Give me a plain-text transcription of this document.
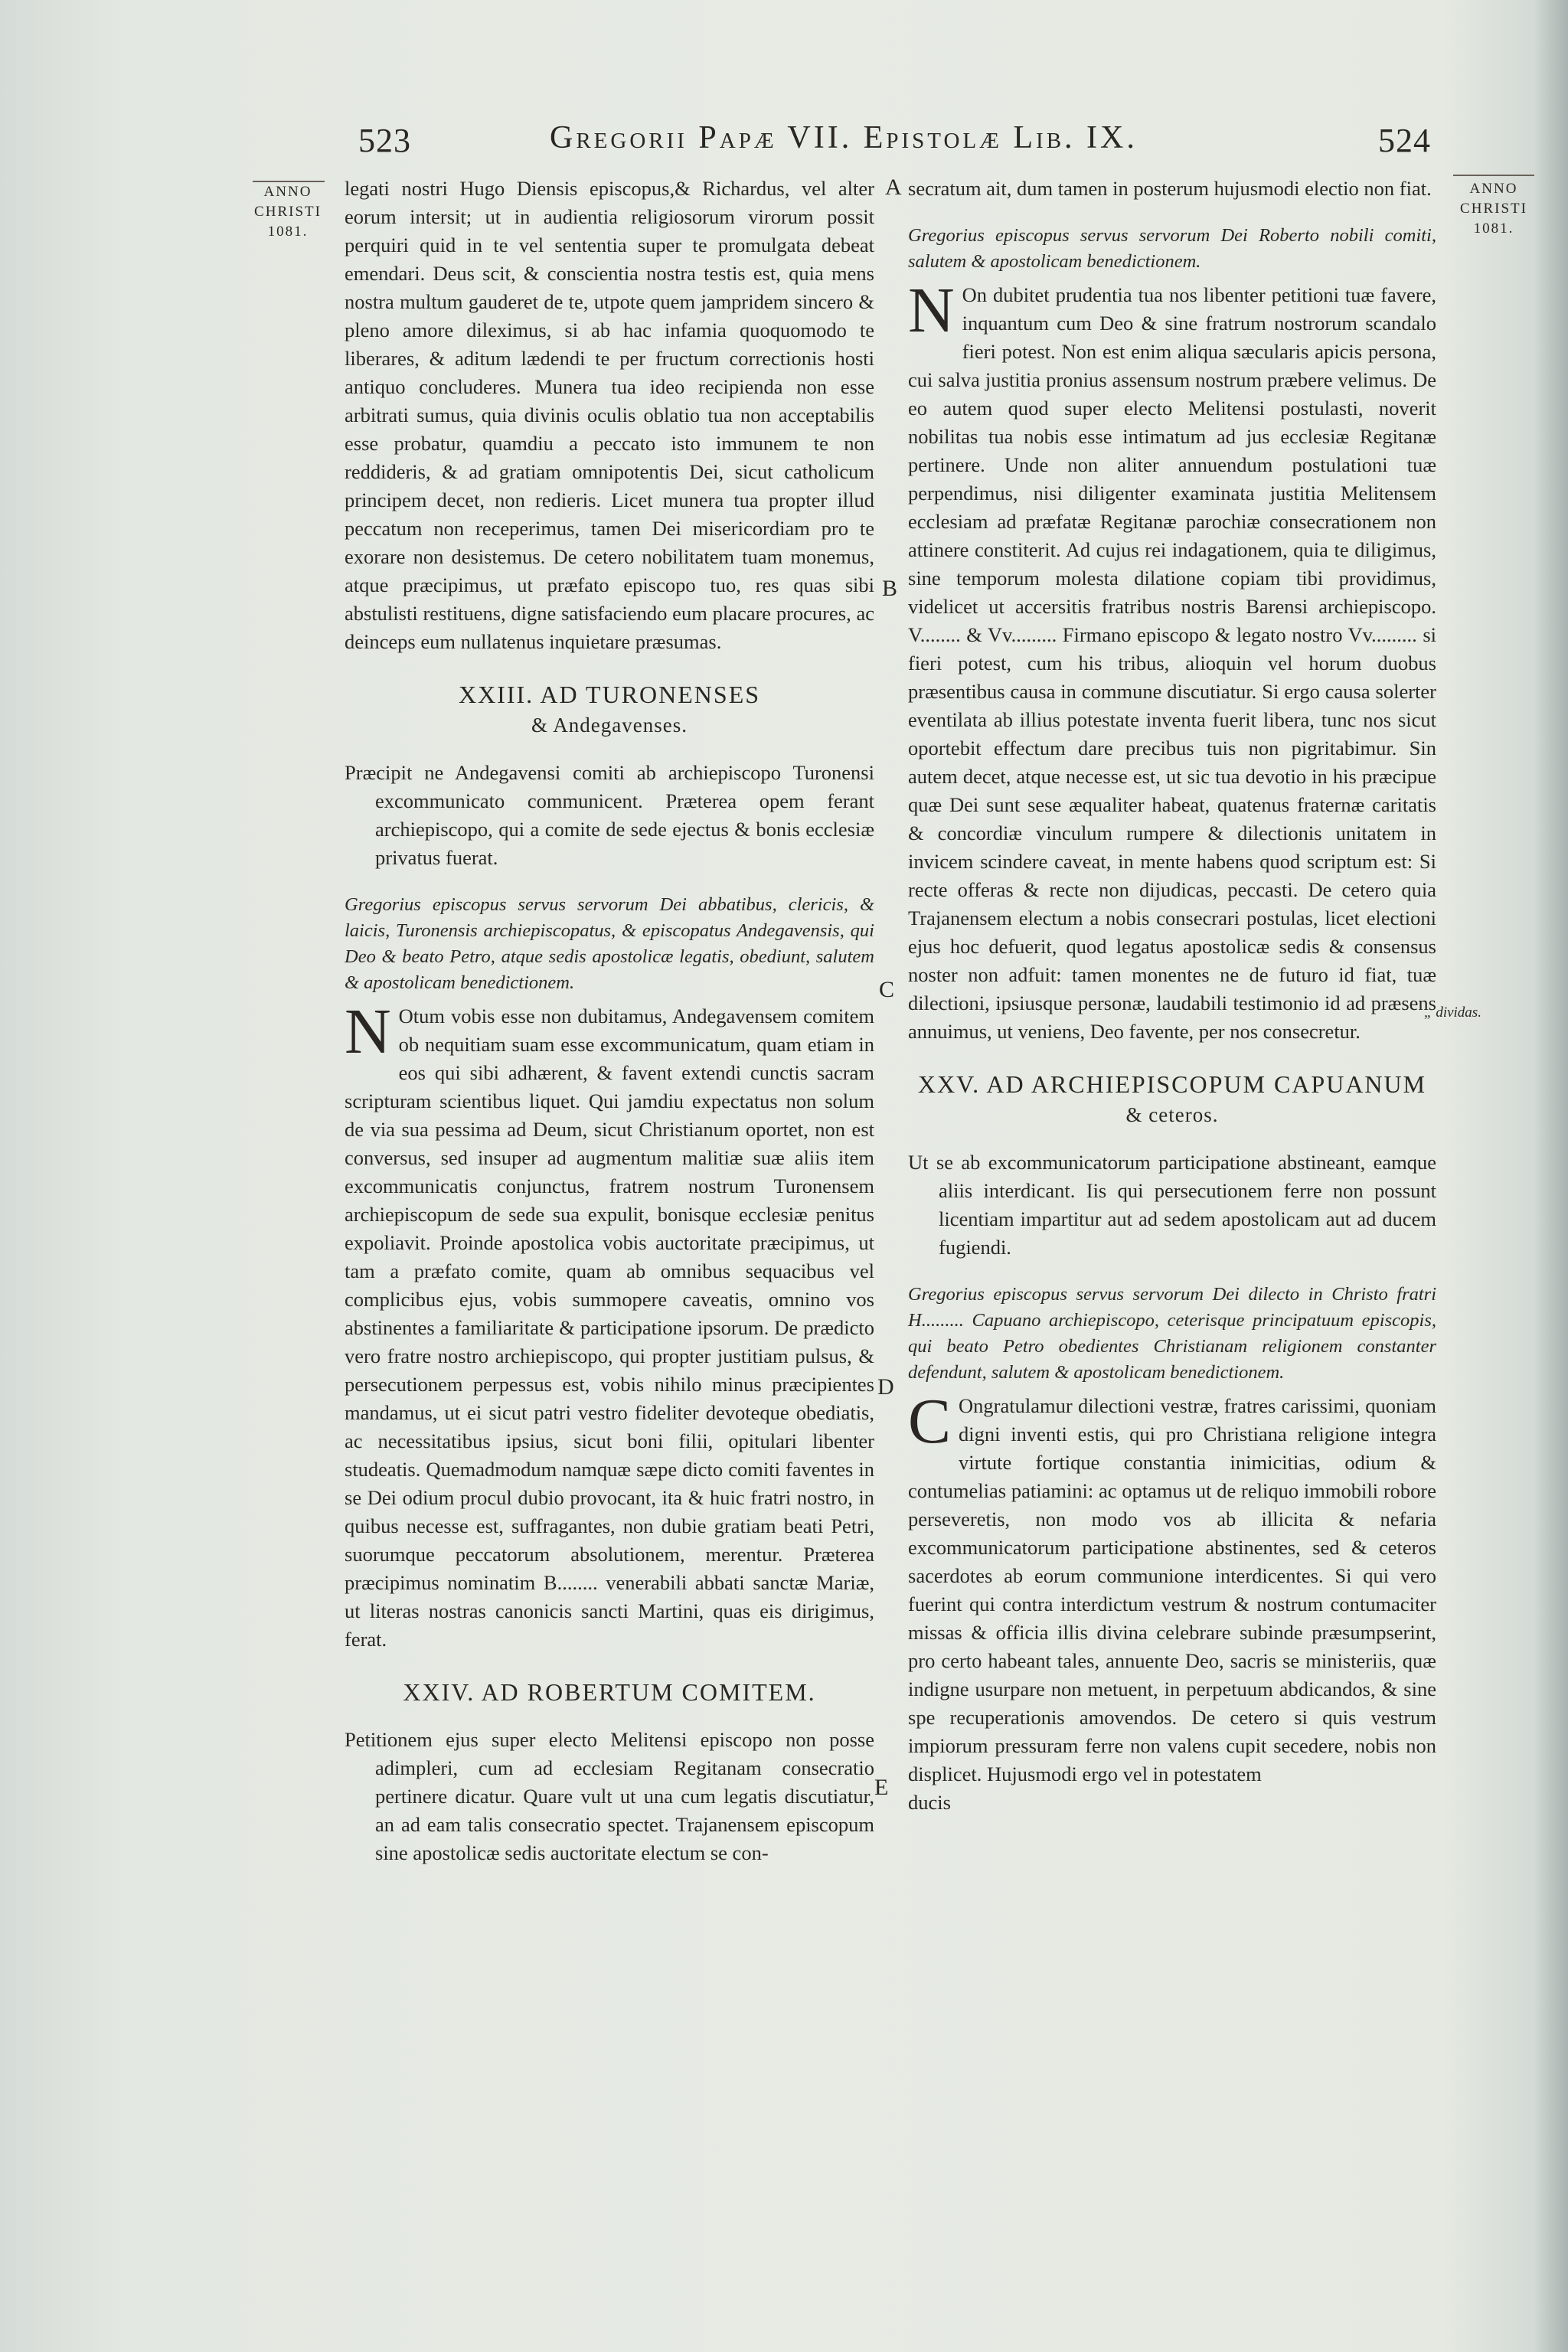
523	Gregorii Papæ VII. Epistolæ Lib. IX.	524
ANNO
CHRISTI
1081.
ANNO
CHRISTI
1081.
A
B
C
D
E
„ dividas.

legati nostri Hugo Diensis episcopus,& Richardus, vel alter eorum intersit; ut in audientia religiosorum virorum possit perquiri quid in te vel sententia super te promulgata debeat emendari. Deus scit, & conscientia nostra testis est, quia mens nostra multum gauderet de te, utpote quem jampridem sincero & pleno amore dileximus, si ab hac infamia quoquomodo te liberares, & aditum lædendi te per fructum correctionis hosti antiquo concluderes. Munera tua ideo recipienda non esse arbitrati sumus, quia divinis oculis oblatio tua non acceptabilis esse probatur, quamdiu a peccato isto immunem te non reddideris, & ad gratiam omnipotentis Dei, sicut catholicum principem decet, non redieris. Licet munera tua propter illud peccatum non receperimus, tamen Dei misericordiam pro te exorare non desistemus. De cetero nobilitatem tuam monemus, atque præcipimus, ut præfato episcopo tuo, res quas sibi abstulisti restituens, digne satisfaciendo eum placare procures, ac deinceps eum nullatenus inquietare præsumas.

XXIII. AD TURONENSES
& Andegavenses.

Præcipit ne Andegavensi comiti ab archiepiscopo Turonensi excommunicato communicent. Præterea opem ferant archiepiscopo, qui a comite de sede ejectus & bonis ecclesiæ privatus fuerat.

Gregorius episcopus servus servorum Dei abbatibus, clericis, & laicis, Turonensis archiepiscopatus, & episcopatus Andegavensis, qui Deo & beato Petro, atque sedis apostolicæ legatis, obediunt, salutem & apostolicam benedictionem.

N Otum vobis esse non dubitamus, Andegavensem comitem ob nequitiam suam esse excommunicatum, quam etiam in eos qui sibi adhærent, & favent extendi cunctis sacram scripturam scientibus liquet. Qui jamdiu expectatus non solum de via sua pessima ad Deum, sicut Christianum oportet, non est conversus, sed insuper ad augmentum malitiæ suæ aliis item excommunicatis conjunctus, fratrem nostrum Turonensem archiepiscopum de sede sua expulit, bonisque ecclesiæ penitus expoliavit. Proinde apostolica vobis auctoritate præcipimus, ut tam a præfato comite, quam ab omnibus sequacibus vel complicibus ejus, vobis summopere caveatis, omnino vos abstinentes a familiaritate & participatione ipsorum. De prædicto vero fratre nostro archiepiscopo, qui propter justitiam pulsus, & persecutionem perpessus est, vobis nihilo minus præcipientes mandamus, ut ei sicut patri vestro fideliter devoteque obediatis, ac necessitatibus ipsius, sicut boni filii, opitulari libenter studeatis. Quemadmodum namquæ sæpe dicto comiti faventes in se Dei odium procul dubio provocant, ita & huic fratri nostro, in quibus necesse est, suffragantes, non dubie gratiam beati Petri, suorumque peccatorum absolutionem, merentur. Præterea præcipimus nominatim B........ venerabili abbati sanctæ Mariæ, ut literas nostras canonicis sancti Martini, quas eis dirigimus, ferat.

XXIV. AD ROBERTUM COMITEM.

Petitionem ejus super electo Melitensi episcopo non posse adimpleri, cum ad ecclesiam Regitanam consecratio pertinere dicatur. Quare vult ut una cum legatis discutiatur, an ad eam talis consecratio spectet. Trajanensem episcopum sine apostolicæ sedis auctoritate electum se con-

secratum ait, dum tamen in posterum hujusmodi electio non fiat.

Gregorius episcopus servus servorum Dei Roberto nobili comiti, salutem & apostolicam benedictionem.

N On dubitet prudentia tua nos libenter petitioni tuæ favere, inquantum cum Deo & sine fratrum nostrorum scandalo fieri potest. Non est enim aliqua sæcularis apicis persona, cui salva justitia pronius assensum nostrum præbere velimus. De eo autem quod super electo Melitensi postulasti, noverit nobilitas tua nobis esse intimatum ad jus ecclesiæ Regitanæ pertinere. Unde non aliter annuendum postulationi tuæ perpendimus, nisi diligenter examinata justitia Melitensem ecclesiam ad præfatæ Regitanæ parochiæ consecrationem non attinere constiterit. Ad cujus rei indagationem, quia te diligimus, sine temporum molesta dilatione copiam tibi providimus, videlicet ut accersitis fratribus nostris Barensi archiepiscopo. V........ & Vv......... Firmano episcopo & legato nostro Vv......... si fieri potest, cum his tribus, alioquin vel horum duobus præsentibus causa in commune discutiatur. Si ergo causa solerter eventilata ab illius potestate inventa fuerit libera, tunc nos sicut oportebit effectum dare precibus tuis non pigritabimur. Sin autem decet, atque necesse est, ut sic tua devotio in his præcipue quæ Dei sunt sese æqualiter habeat, quatenus fraternæ caritatis & concordiæ vinculum rumpere & dilectionis unitatem in invicem scindere caveat, in mente habens quod scriptum est: Si recte offeras & recte non dijudicas, peccasti. De cetero quia Trajanensem electum a nobis consecrari postulas, licet electioni ejus hoc defuerit, quod legatus apostolicæ sedis & consensus noster non adfuit: tamen monentes ne de futuro id fiat, tuæ dilectioni, ipsiusque personæ, laudabili testimonio id ad præsens annuimus, ut veniens, Deo favente, per nos consecretur.

XXV. AD ARCHIEPISCOPUM CAPUANUM
& ceteros.

Ut se ab excommunicatorum participatione abstineant, eamque aliis interdicant. Iis qui persecutionem ferre non possunt licentiam impartitur aut ad sedem apostolicam aut ad ducem fugiendi.

Gregorius episcopus servus servorum Dei dilecto in Christo fratri H......... Capuano archiepiscopo, ceterisque principatuum episcopis, qui beato Petro obedientes Christianam religionem constanter defendunt, salutem & apostolicam benedictionem.

C Ongratulamur dilectioni vestræ, fratres carissimi, quoniam digni inventi estis, qui pro Christiana religione integra virtute fortique constantia inimicitias, odium & contumelias patiamini: ac optamus ut de reliquo immobili robore perseveretis, non modo vos ab illicita & nefaria excommunicatorum participatione abstinentes, sed & ceteros sacerdotes ab eorum communione interdicentes. Si qui vero fuerint qui contra interdictum vestrum & nostrum contumaciter missas & officia illis divina celebrare subinde præsumpserint, pro certo habeant tales, annuente Deo, sacris se ministeriis, quæ indigne usurpare non metuent, in perpetuum abdicandos, & sine spe recuperationis amovendos. De cetero si quis vestrum impiorum pressuram ferre non valens cupit secedere, nobis non displicet. Hujusmodi ergo vel in potestatem

ducis
